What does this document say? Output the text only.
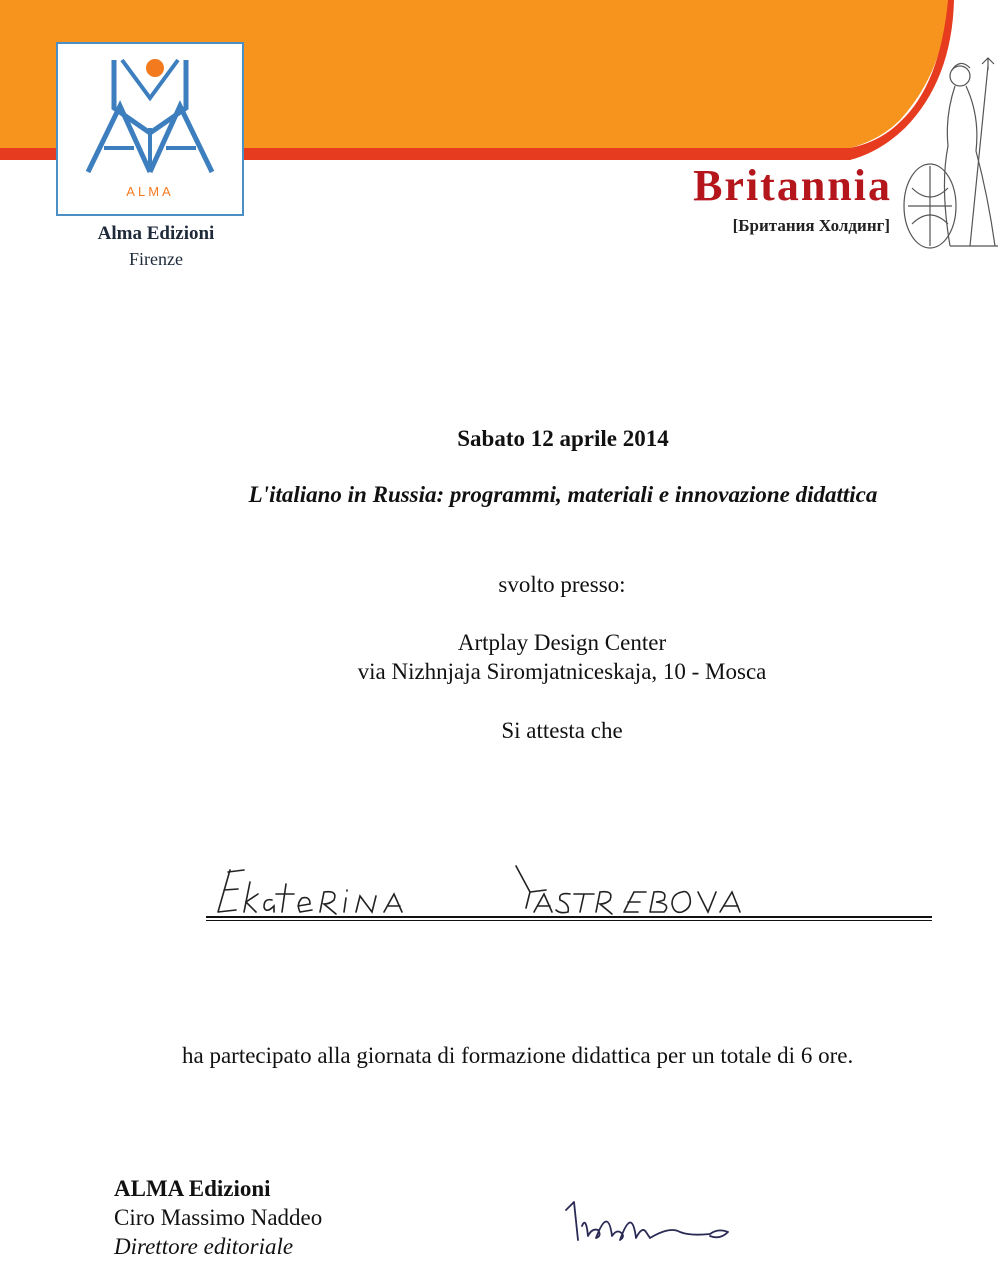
ALMA
Alma Edizioni
Firenze
Britannia
[Британия Холдинг]
Sabato 12 aprile 2014
L'italiano in Russia: programmi, materiali e innovazione didattica
svolto presso:
Artplay Design Center
via Nizhnjaja Siromjatniceskaja, 10 - Mosca
Si attesta che
ha partecipato alla giornata di formazione didattica per un totale di 6 ore.
ALMA Edizioni
Ciro Massimo Naddeo
Direttore editoriale
